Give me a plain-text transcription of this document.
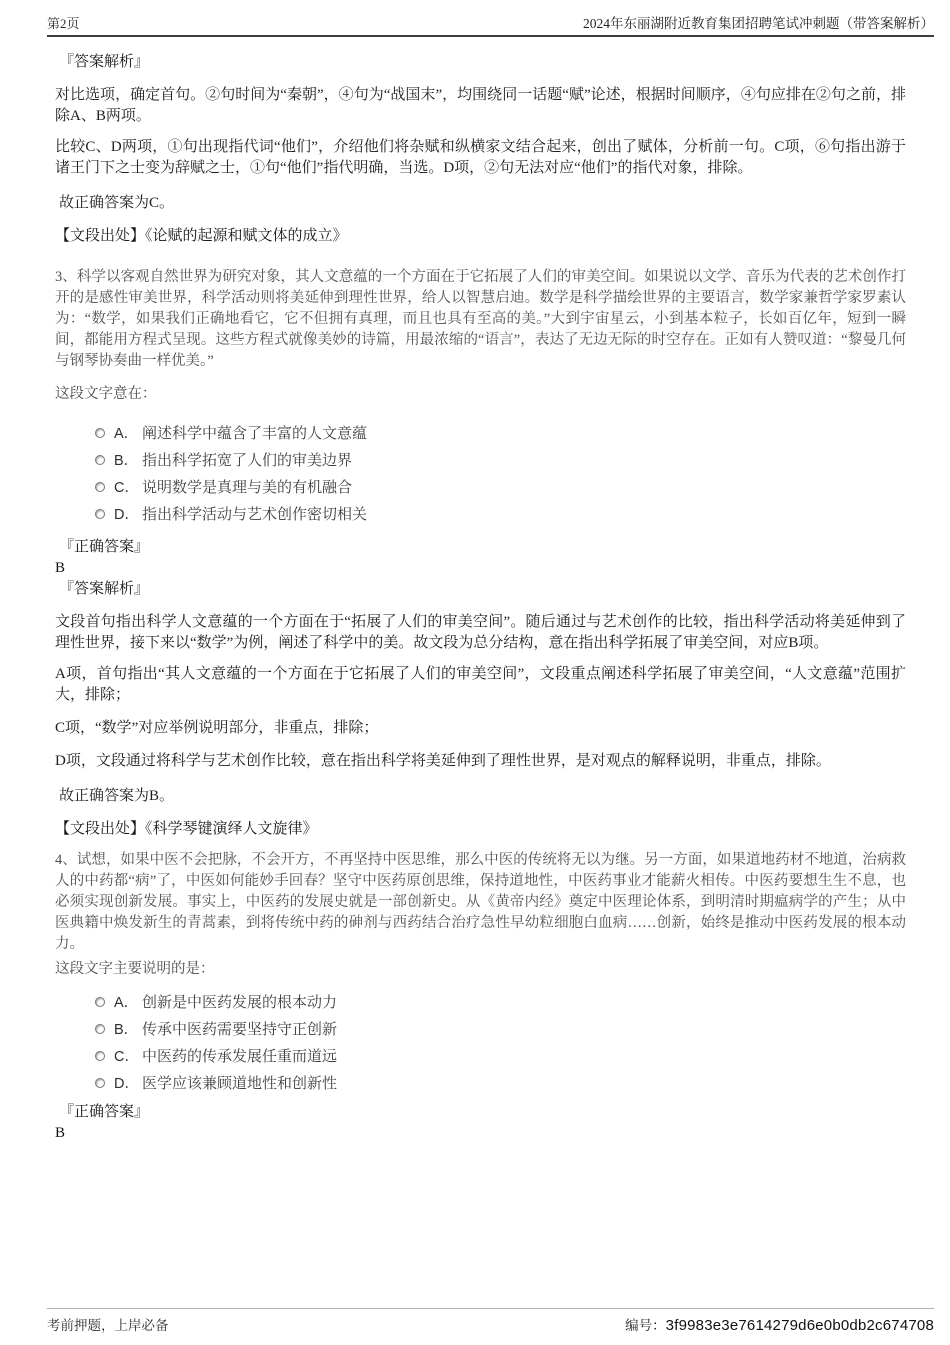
第2页	2024年东丽湖附近教育集团招聘笔试冲刺题（带答案解析）
『答案解析』

对比选项，确定首句。②句时间为“秦朝”，④句为“战国末”，均围绕同一话题“赋”论述，根据时间顺序，④句应排在②句之前，排除A、B两项。

比较C、D两项，①句出现指代词“他们”，介绍他们将杂赋和纵横家文结合起来，创出了赋体，分析前一句。C项，⑥句指出游于诸王门下之士变为辞赋之士，①句“他们”指代明确，当选。D项，②句无法对应“他们”的指代对象，排除。

故正确答案为C。

【文段出处】《论赋的起源和赋文体的成立》

3、科学以客观自然世界为研究对象，其人文意蕴的一个方面在于它拓展了人们的审美空间。如果说以文学、音乐为代表的艺术创作打开的是感性审美世界，科学活动则将美延伸到理性世界，给人以智慧启迪。数学是科学描绘世界的主要语言，数学家兼哲学家罗素认为：“数学，如果我们正确地看它，它不但拥有真理，而且也具有至高的美。”大到宇宙星云，小到基本粒子，长如百亿年，短到一瞬间，都能用方程式呈现。这些方程式就像美妙的诗篇，用最浓缩的“语言”，表达了无边无际的时空存在。正如有人赞叹道：“黎曼几何与钢琴协奏曲一样优美。”

这段文字意在：

A． 阐述科学中蕴含了丰富的人文意蕴
B． 指出科学拓宽了人们的审美边界
C． 说明数学是真理与美的有机融合
D． 指出科学活动与艺术创作密切相关
『正确答案』
B
『答案解析』

文段首句指出科学人文意蕴的一个方面在于“拓展了人们的审美空间”。随后通过与艺术创作的比较，指出科学活动将美延伸到了理性世界，接下来以“数学”为例，阐述了科学中的美。故文段为总分结构，意在指出科学拓展了审美空间，对应B项。

A项，首句指出“其人文意蕴的一个方面在于它拓展了人们的审美空间”，文段重点阐述科学拓展了审美空间，“人文意蕴”范围扩大，排除；

C项，“数学”对应举例说明部分，非重点，排除；

D项，文段通过将科学与艺术创作比较，意在指出科学将美延伸到了理性世界，是对观点的解释说明，非重点，排除。

故正确答案为B。

【文段出处】《科学琴键演绎人文旋律》

4、试想，如果中医不会把脉，不会开方，不再坚持中医思维，那么中医的传统将无以为继。另一方面，如果道地药材不地道，治病救人的中药都“病”了，中医如何能妙手回春？坚守中医药原创思维，保持道地性，中医药事业才能薪火相传。中医药要想生生不息，也必须实现创新发展。事实上，中医药的发展史就是一部创新史。从《黄帝内经》奠定中医理论体系，到明清时期瘟病学的产生；从中医典籍中焕发新生的青蒿素，到将传统中药的砷剂与西药结合治疗急性早幼粒细胞白血病……创新，始终是推动中医药发展的根本动力。

这段文字主要说明的是：

A． 创新是中医药发展的根本动力
B． 传承中医药需要坚持守正创新
C． 中医药的传承发展任重而道远
D． 医学应该兼顾道地性和创新性
『正确答案』
B
考前押题，上岸必备	编号： 3f9983e3e7614279d6e0b0db2c674708
